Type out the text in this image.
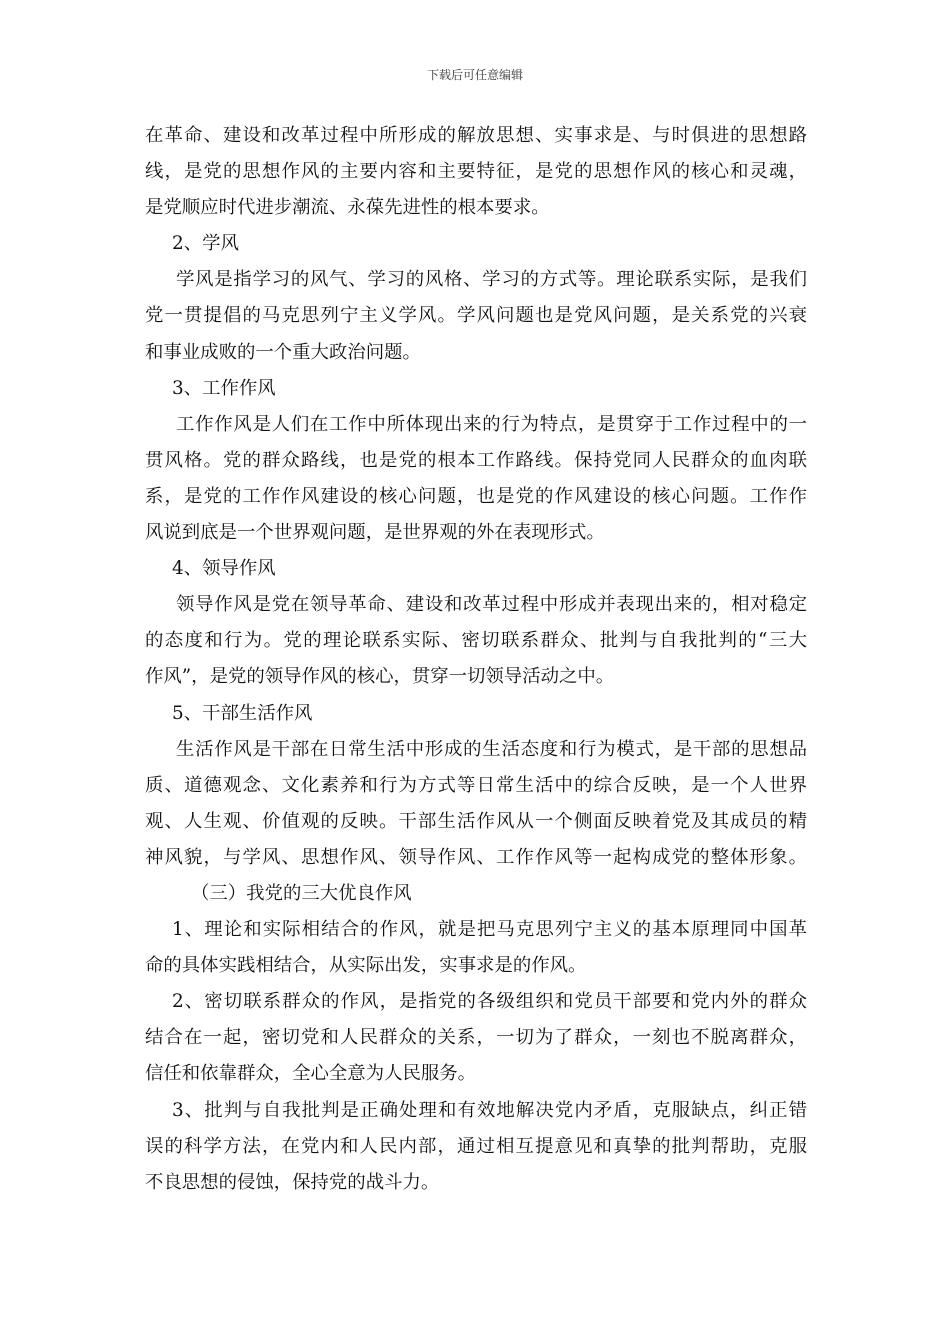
下载后可任意编辑
在革命、建设和改革过程中所形成的解放思想、实事求是、与时俱进的思想路
线，是党的思想作风的主要内容和主要特征，是党的思想作风的核心和灵魂，
是党顺应时代进步潮流、永葆先进性的根本要求。
2、学风
学风是指学习的风气、学习的风格、学习的方式等。理论联系实际，是我们
党一贯提倡的马克思列宁主义学风。学风问题也是党风问题，是关系党的兴衰
和事业成败的一个重大政治问题。
3、工作作风
工作作风是人们在工作中所体现出来的行为特点，是贯穿于工作过程中的一
贯风格。党的群众路线，也是党的根本工作路线。保持党同人民群众的血肉联
系，是党的工作作风建设的核心问题，也是党的作风建设的核心问题。工作作
风说到底是一个世界观问题，是世界观的外在表现形式。
4、领导作风
领导作风是党在领导革命、建设和改革过程中形成并表现出来的，相对稳定
的态度和行为。党的理论联系实际、密切联系群众、批判与自我批判的“三大
作风”，是党的领导作风的核心，贯穿一切领导活动之中。
5、干部生活作风
生活作风是干部在日常生活中形成的生活态度和行为模式，是干部的思想品
质、道德观念、文化素养和行为方式等日常生活中的综合反映，是一个人世界
观、人生观、价值观的反映。干部生活作风从一个侧面反映着党及其成员的精
神风貌，与学风、思想作风、领导作风、工作作风等一起构成党的整体形象。
（三）我党的三大优良作风
1、理论和实际相结合的作风，就是把马克思列宁主义的基本原理同中国革
命的具体实践相结合，从实际出发，实事求是的作风。
2、密切联系群众的作风，是指党的各级组织和党员干部要和党内外的群众
结合在一起，密切党和人民群众的关系，一切为了群众，一刻也不脱离群众，
信任和依靠群众，全心全意为人民服务。
3、批判与自我批判是正确处理和有效地解决党内矛盾，克服缺点，纠正错
误的科学方法，在党内和人民内部，通过相互提意见和真挚的批判帮助，克服
不良思想的侵蚀，保持党的战斗力。
